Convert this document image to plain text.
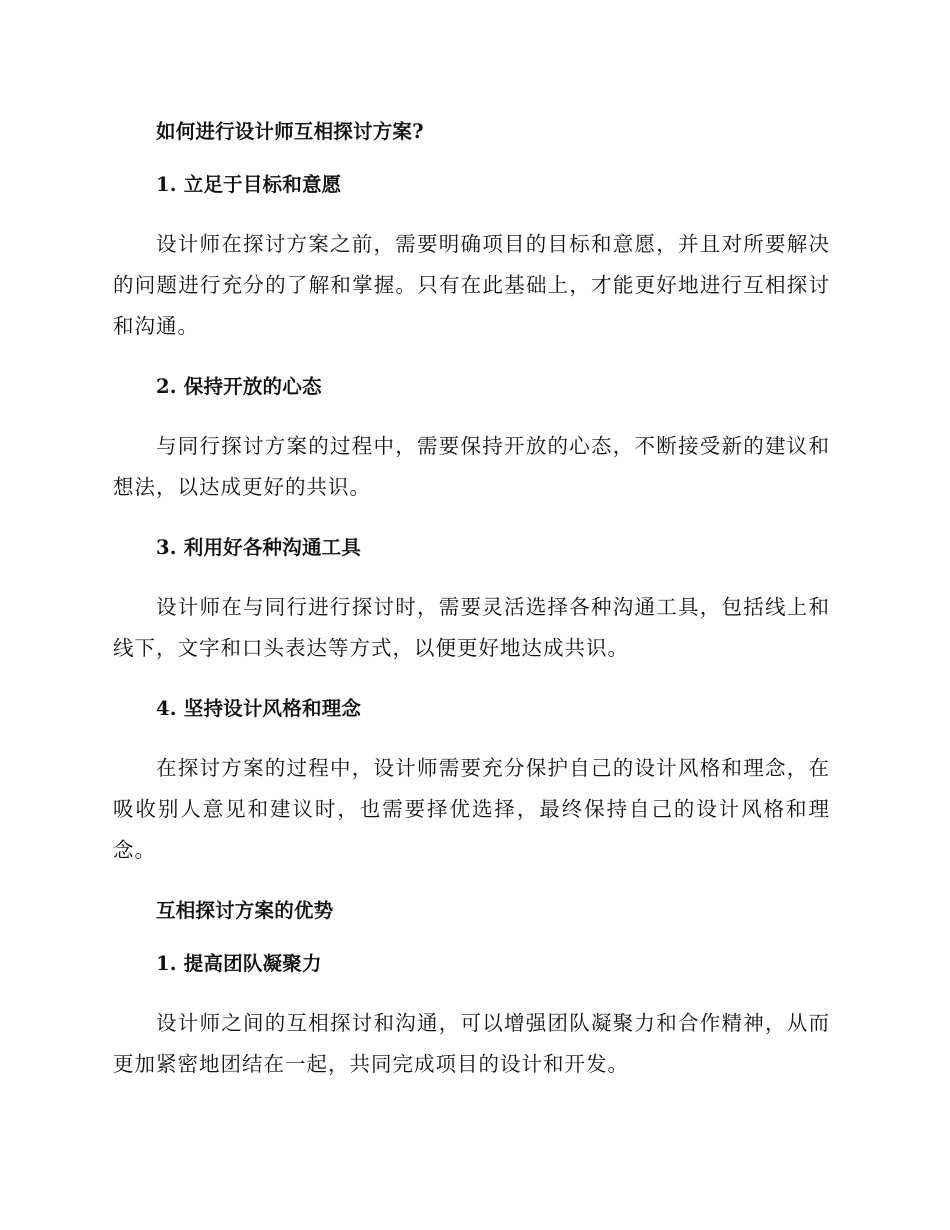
如何进行设计师互相探讨方案?

1. 立足于目标和意愿

设计师在探讨方案之前，需要明确项目的目标和意愿，并且对所要解决的问题进行充分的了解和掌握。只有在此基础上，才能更好地进行互相探讨和沟通。

2. 保持开放的心态

与同行探讨方案的过程中，需要保持开放的心态，不断接受新的建议和想法，以达成更好的共识。

3. 利用好各种沟通工具

设计师在与同行进行探讨时，需要灵活选择各种沟通工具，包括线上和线下，文字和口头表达等方式，以便更好地达成共识。

4. 坚持设计风格和理念

在探讨方案的过程中，设计师需要充分保护自己的设计风格和理念，在吸收别人意见和建议时，也需要择优选择，最终保持自己的设计风格和理念。

互相探讨方案的优势

1. 提高团队凝聚力

设计师之间的互相探讨和沟通，可以增强团队凝聚力和合作精神，从而更加紧密地团结在一起，共同完成项目的设计和开发。
